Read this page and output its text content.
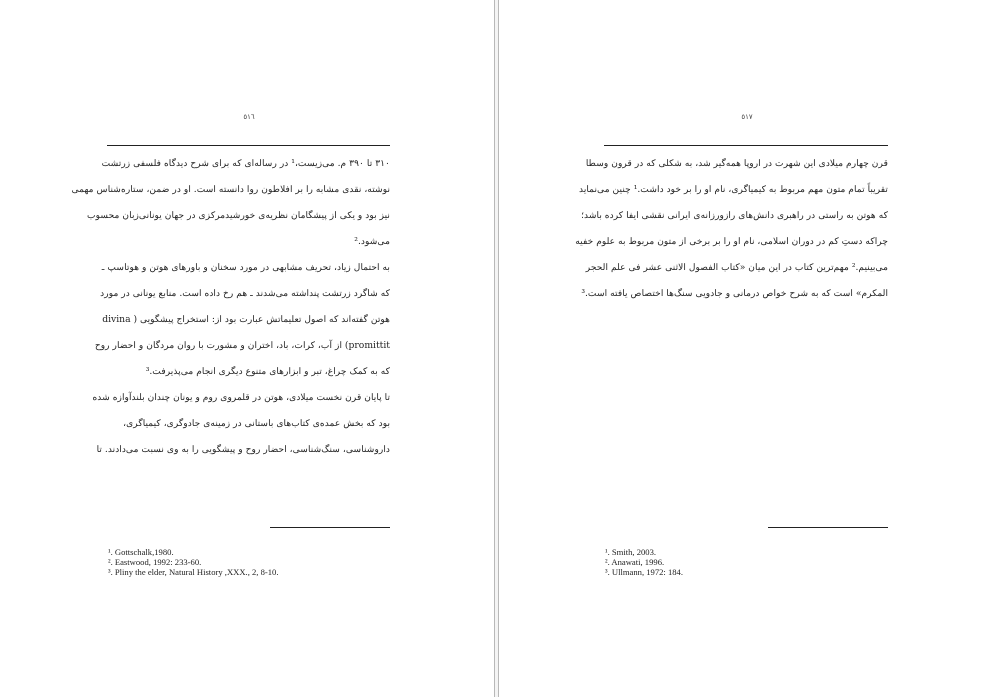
٥١٦
۳۱۰ تا ۳۹۰ م. می‌زیست،¹ در رساله‌ای که برای شرح دیدگاه فلسفی زرتشت
نوشته، نقدی مشابه را بر افلاطون روا دانسته است. او در ضمن، ستاره‌شناس مهمی
نیز بود و یکی از پیشگامان نظریه‌ی خورشیدمرکزی در جهان یونانی‌زبان محسوب
می‌شود.²
به احتمال زیاد، تحریف مشابهی در مورد سخنان و باورهای هوتن و هوتاسپ ـ
که شاگرد زرتشت پنداشته می‌شدند ـ هم رخ داده است. منابع یونانی در مورد
هوتن گفته‌اند که اصول تعلیماتش عبارت بود از: استخراج پیشگویی ( divina
promittit) از آب، کرات، باد، اختران و مشورت با روان مردگان و احضار روح
که به کمک چراغ، تبر و ابزارهای متنوع دیگری انجام می‌پذیرفت.³
تا پایان قرن نخست میلادی، هوتن در قلمروی روم و یونان چندان بلندآوازه شده
بود که بخش عمده‌ی کتاب‌های باستانی در زمینه‌ی جادوگری، کیمیاگری،
داروشناسی، سنگ‌شناسی، احضار روح و پیشگویی را به وی نسبت می‌دادند. تا
¹. Gottschalk,1980.
². Eastwood, 1992: 233-60.
³. Pliny the elder, Natural History ,XXX., 2, 8-10.
٥١٧
قرن چهارم میلادی این شهرت در اروپا همه‌گیر شد، به شکلی که در قرون وسطا
تقریباً تمام متون مهم مربوط به کیمیاگری، نام او را بر خود داشت.¹ چنین می‌نماید
که هوتن به راستی در راهبری دانش‌های رازورزانه‌ی ایرانی نقشی ایفا کرده باشد؛
چراکه دستِ کم در دوران اسلامی، نام او را بر برخی از متون مربوط به علوم خفیه
می‌بینیم.² مهم‌ترین کتاب در این میان «کتاب الفصول الاثنی عشر فی علم الحجر
المکرم» است که به شرح خواص درمانی و جادویی سنگ‌ها اختصاص یافته است.³
¹. Smith, 2003.
². Anawati, 1996.
³. Ullmann, 1972: 184.
